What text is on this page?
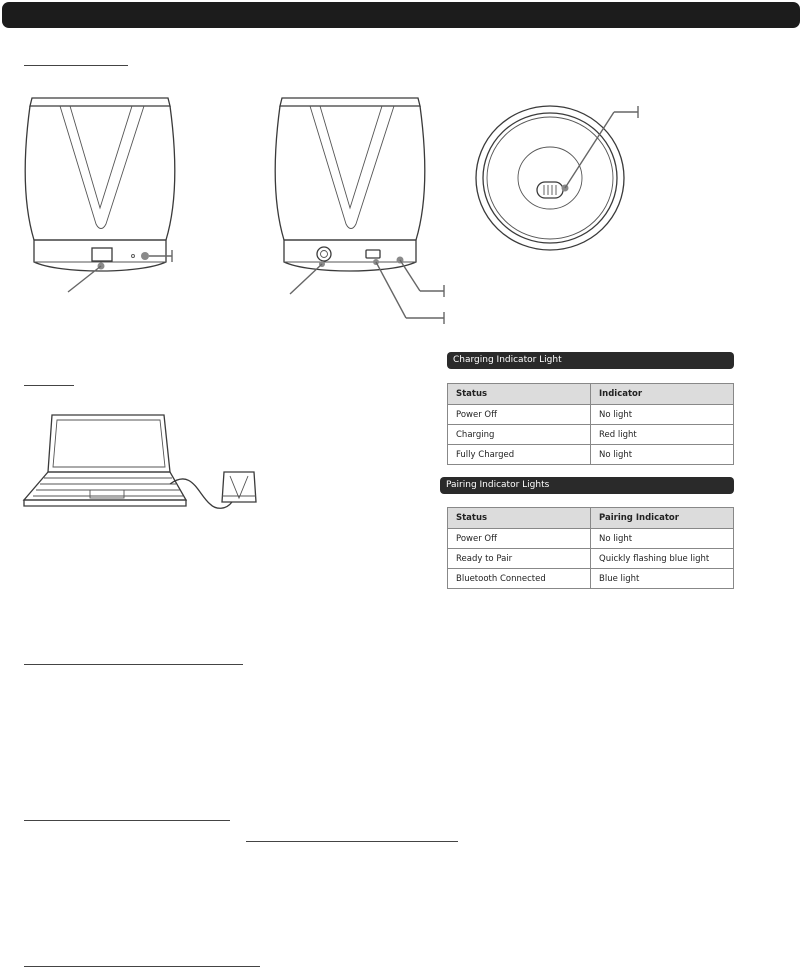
Charging Indicator Light
Status	Indicator
Power Off	No light
Charging	Red light
Fully Charged	No light
Pairing Indicator Lights
Status	Pairing Indicator
Power Off	No light
Ready to Pair	Quickly flashing blue light
Bluetooth Connected	Blue light
